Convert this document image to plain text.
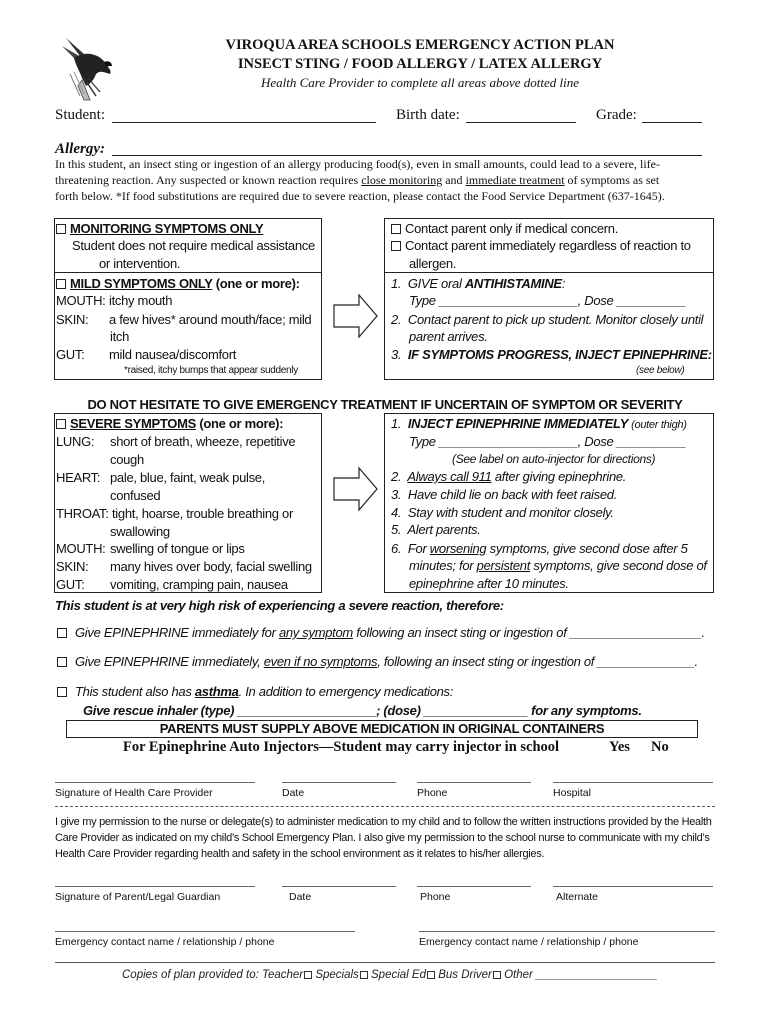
VIROQUA AREA SCHOOLS EMERGENCY ACTION PLAN
INSECT STING / FOOD ALLERGY / LATEX ALLERGY
Health Care Provider to complete all areas above dotted line
Student:	Birth date:	Grade:
Allergy:
In this student, an insect sting or ingestion of an allergy producing food(s), even in small amounts, could lead to a severe, life-
threatening reaction. Any suspected or known reaction requires close monitoring and immediate treatment of symptoms as set
forth below. *If food substitutions are required due to severe reaction, please contact the Food Service Department (637-1645).
MONITORING SYMPTOMS ONLY
Student does not require medical assistance
or intervention.
MILD SYMPTOMS ONLY (one or more):
MOUTH: itchy mouth
SKIN: a few hives* around mouth/face; mild
itch
GUT: mild nausea/discomfort
*raised, itchy bumps that appear suddenly
Contact parent only if medical concern.
Contact parent immediately regardless of reaction to
allergen.
1. GIVE oral ANTIHISTAMINE:
Type ____________________, Dose __________
2. Contact parent to pick up student. Monitor closely until
parent arrives.
3. IF SYMPTOMS PROGRESS, INJECT EPINEPHRINE:
(see below)
DO NOT HESITATE TO GIVE EMERGENCY TREATMENT IF UNCERTAIN OF SYMPTOM OR SEVERITY
SEVERE SYMPTOMS (one or more):
LUNG: short of breath, wheeze, repetitive
cough
HEART: pale, blue, faint, weak pulse,
confused
THROAT: tight, hoarse, trouble breathing or
swallowing
MOUTH: swelling of tongue or lips
SKIN: many hives over body, facial swelling
GUT: vomiting, cramping pain, nausea
1. INJECT EPINEPHRINE IMMEDIATELY (outer thigh)
Type ____________________, Dose __________
(See label on auto-injector for directions)
2. Always call 911 after giving epinephrine.
3. Have child lie on back with feet raised.
4. Stay with student and monitor closely.
5. Alert parents.
6. For worsening symptoms, give second dose after 5
minutes; for persistent symptoms, give second dose of
epinephrine after 10 minutes.
This student is at very high risk of experiencing a severe reaction, therefore:
Give EPINEPHRINE immediately for any symptom following an insect sting or ingestion of ___________________.
Give EPINEPHRINE immediately, even if no symptoms, following an insect sting or ingestion of ______________.
This student also has asthma. In addition to emergency medications:
Give rescue inhaler (type) ____________________; (dose) _______________ for any symptoms.
PARENTS MUST SUPPLY ABOVE MEDICATION IN ORIGINAL CONTAINERS
For Epinephrine Auto Injectors—Student may carry injector in school	Yes No
Signature of Health Care Provider	Date	Phone	Hospital
I give my permission to the nurse or delegate(s) to administer medication to my child and to follow the written instructions provided by the Health
Care Provider as indicated on my child’s School Emergency Plan. I also give my permission to the school nurse to communicate with my child’s
Health Care Provider regarding health and safety in the school environment as it relates to his/her allergies.
Signature of Parent/Legal Guardian	Date	Phone	Alternate
Emergency contact name / relationship / phone	Emergency contact name / relationship / phone
Copies of plan provided to: Teacher Specials Special Ed Bus Driver Other ___________________
